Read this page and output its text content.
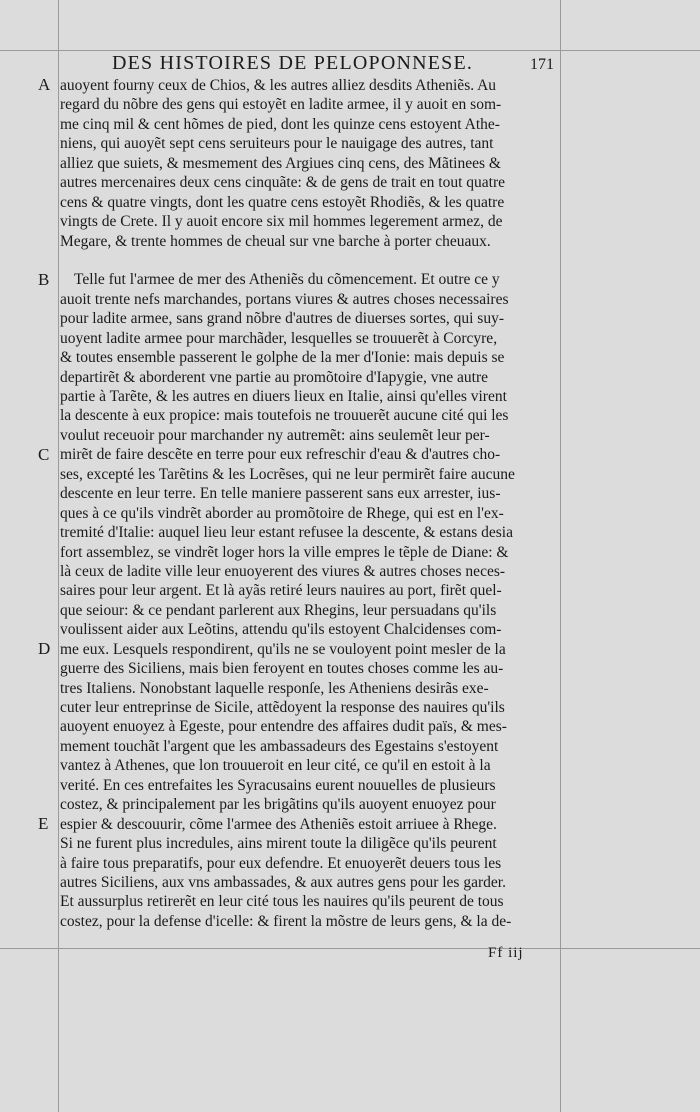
DES HISTOIRES DE PELOPONNESE.	171
auoyent fourny ceux de Chios, & les autres alliez desdits Atheniẽs. Au
regard du nõbre des gens qui estoyẽt en ladite armee, il y auoit en som-
me cinq mil & cent hõmes de pied, dont les quinze cens estoyent Athe-
niens, qui auoyẽt sept cens seruiteurs pour le nauigage des autres, tant
alliez que suiets, & mesmement des Argiues cinq cens, des Mãtinees &
autres mercenaires deux cens cinquãte: & de gens de trait en tout quatre
cens & quatre vingts, dont les quatre cens estoyẽt Rhodiẽs, & les quatre
vingts de Crete. Il y auoit encore six mil hommes legerement armez, de
Megare, & trente hommes de cheual sur vne barche à porter cheuaux.
Telle fut l'armee de mer des Atheniẽs du cõmencement. Et outre ce y
auoit trente nefs marchandes, portans viures & autres choses necessaires
pour ladite armee, sans grand nõbre d'autres de diuerses sortes, qui suy-
uoyent ladite armee pour marchãder, lesquelles se trouuerẽt à Corcyre,
& toutes ensemble passerent le golphe de la mer d'Ionie: mais depuis se
departirẽt & aborderent vne partie au promõtoire d'Iapygie, vne autre
partie à Tarẽte, & les autres en diuers lieux en Italie, ainsi qu'elles virent
la descente à eux propice: mais toutefois ne trouuerẽt aucune cité qui les
voulut receuoir pour marchander ny autremẽt: ains seulemẽt leur per-
mirẽt de faire descẽte en terre pour eux refreschir d'eau & d'autres cho-
ses, excepté les Tarẽtins & les Locrẽses, qui ne leur permirẽt faire aucune
descente en leur terre. En telle maniere passerent sans eux arrester, ius-
ques à ce qu'ils vindrẽt aborder au promõtoire de Rhege, qui est en l'ex-
tremité d'Italie: auquel lieu leur estant refusee la descente, & estans desia
fort assemblez, se vindrẽt loger hors la ville empres le tẽple de Diane: &
là ceux de ladite ville leur enuoyerent des viures & autres choses neces-
saires pour leur argent. Et là ayãs retiré leurs nauires au port, firẽt quel-
que seiour: & ce pendant parlerent aux Rhegins, leur persuadans qu'ils
voulissent aider aux Leõtins, attendu qu'ils estoyent Chalcidenses com-
me eux. Lesquels respondirent, qu'ils ne se vouloyent point mesler de la
guerre des Siciliens, mais bien feroyent en toutes choses comme les au-
tres Italiens. Nonobstant laquelle responſe, les Atheniens desirãs exe-
cuter leur entreprinse de Sicile, attẽdoyent la response des nauires qu'ils
auoyent enuoyez à Egeste, pour entendre des affaires dudit païs, & mes-
mement touchãt l'argent que les ambassadeurs des Egestains s'estoyent
vantez à Athenes, que lon trouueroit en leur cité, ce qu'il en estoit à la
verité. En ces entrefaites les Syracusains eurent nouuelles de plusieurs
costez, & principalement par les brigãtins qu'ils auoyent enuoyez pour
espier & descouurir, cõme l'armee des Atheniẽs estoit arriuee à Rhege.
Si ne furent plus incredules, ains mirent toute la diligẽce qu'ils peurent
à faire tous preparatifs, pour eux defendre. Et enuoyerẽt deuers tous les
autres Siciliens, aux vns ambassades, & aux autres gens pour les garder.
Et aussurplus retirerẽt en leur cité tous les nauires qu'ils peurent de tous
costez, pour la defense d'icelle: & firent la mõstre de leurs gens, & la de-
A
B
C
D
E
Ff iij
